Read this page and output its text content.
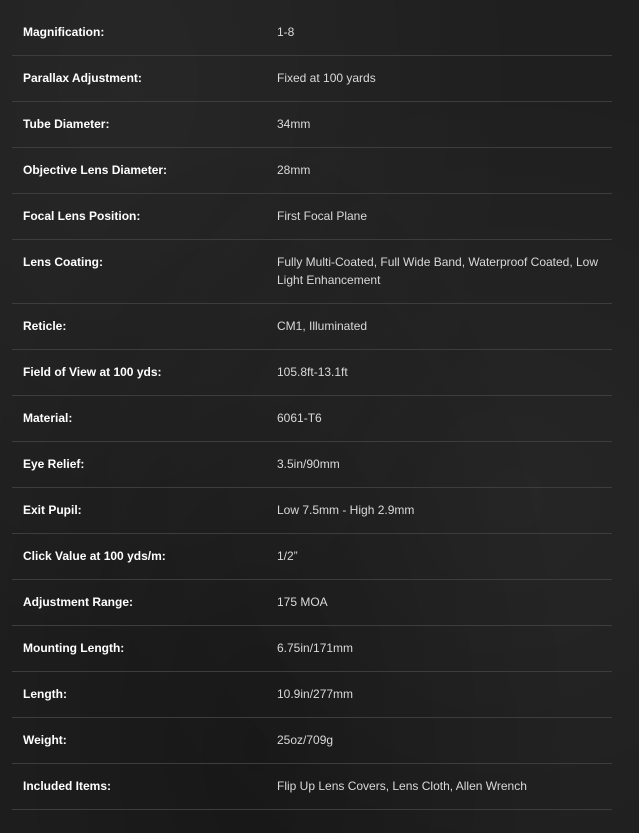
Magnification:	1-8
Parallax Adjustment:	Fixed at 100 yards
Tube Diameter:	34mm
Objective Lens Diameter:	28mm
Focal Lens Position:	First Focal Plane
Lens Coating:	Fully Multi-Coated, Full Wide Band, Waterproof Coated, Low Light Enhancement
Reticle:	CM1, Illuminated
Field of View at 100 yds:	105.8ft-13.1ft
Material:	6061-T6
Eye Relief:	3.5in/90mm
Exit Pupil:	Low 7.5mm - High 2.9mm
Click Value at 100 yds/m:	1/2”
Adjustment Range:	175 MOA
Mounting Length:	6.75in/171mm
Length:	10.9in/277mm
Weight:	25oz/709g
Included Items:	Flip Up Lens Covers, Lens Cloth, Allen Wrench
